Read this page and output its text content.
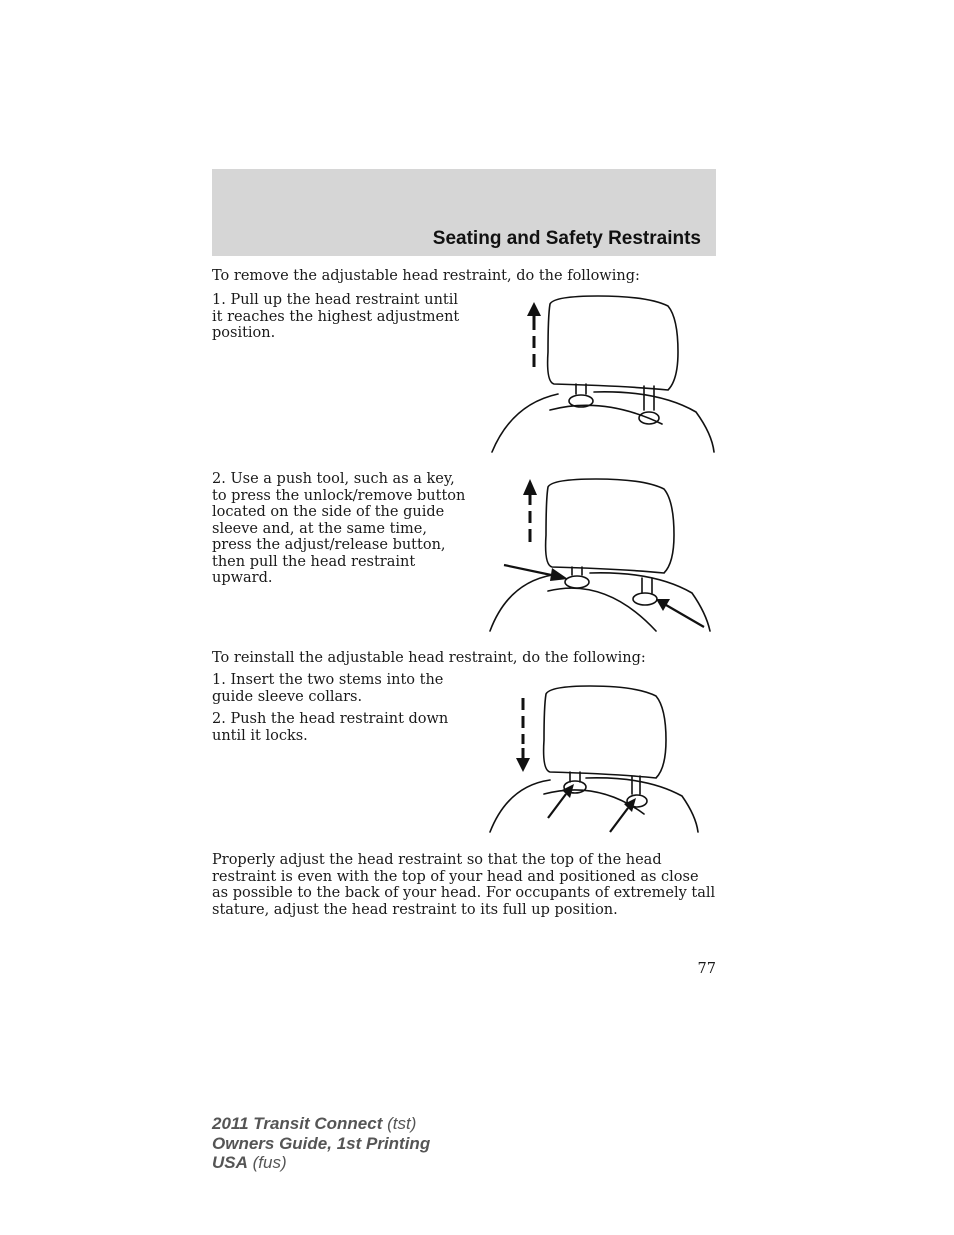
Seating and Safety Restraints

To remove the adjustable head restraint, do the following:

1. Pull up the head restraint until it reaches the highest adjustment position.

2. Use a push tool, such as a key, to press the unlock/remove button located on the side of the guide sleeve and, at the same time, press the adjust/release button, then pull the head restraint upward.

To reinstall the adjustable head restraint, do the following:

1. Insert the two stems into the guide sleeve collars.

2. Push the head restraint down until it locks.

Properly adjust the head restraint so that the top of the head restraint is even with the top of your head and positioned as close as possible to the back of your head. For occupants of extremely tall stature, adjust the head restraint to its full up position.

77
2011 Transit Connect (tst)
Owners Guide, 1st Printing
USA (fus)
